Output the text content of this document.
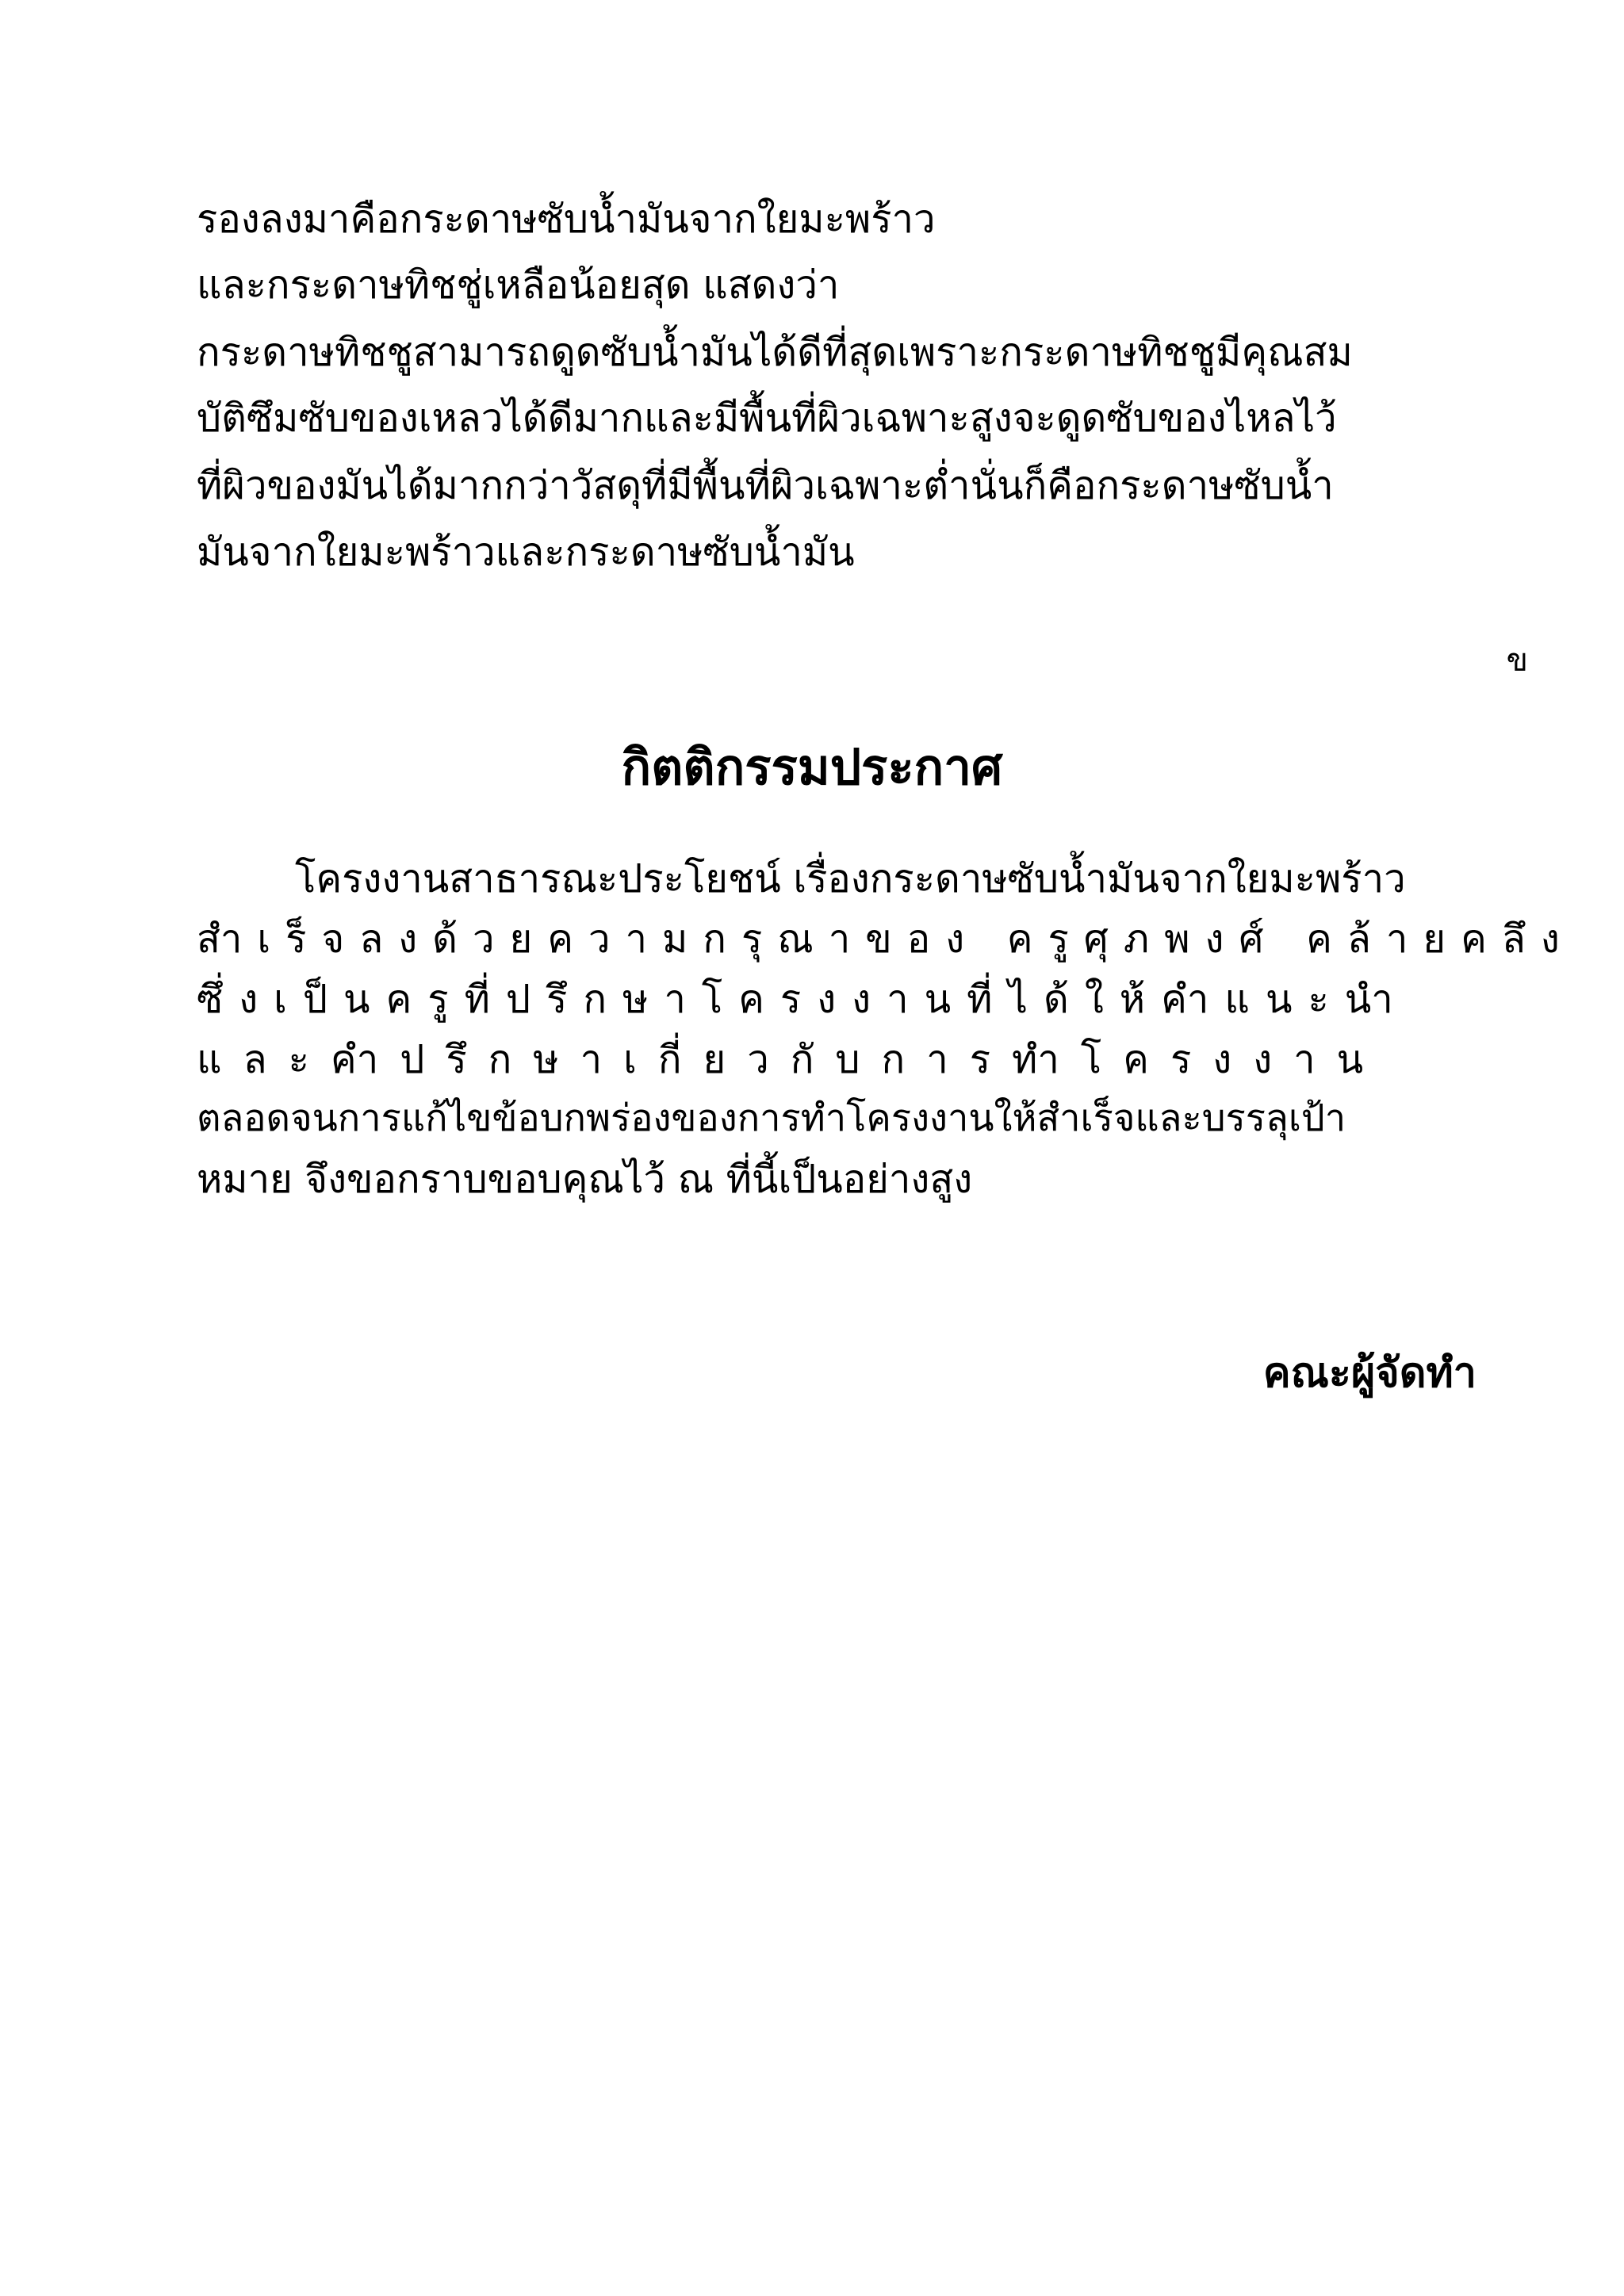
รองลงมาคือกระดาษซับน้ำมันจากใยมะพร้าว

และกระดาษทิชชู่เหลือน้อยสุด แสดงว่า

กระดาษทิชชูสามารถดูดซับน้ำมันได้ดีที่สุดเพราะกระดาษทิชชูมีคุณสม

บัติซึมซับของเหลวได้ดีมากและมีพื้นที่ผิวเฉพาะสูงจะดูดซับของไหลไว้

ที่ผิวของมันได้มากกว่าวัสดุที่มีพื้นที่ผิวเฉพาะต่ำนั่นก็คือกระดาษซับน้ำ

มันจากใยมะพร้าวและกระดาษซับน้ำมัน

ข
กิตติกรรมประกาศ

โครงงานสาธารณะประโยชน์ เรื่องกระดาษซับน้ำมันจากใยมะพร้าว

สำเร็จลงด้วยความกรุณาของ ครูศุภพงศ์ คล้ายคลึง
ซึ่งเป็นครูที่ปรึกษาโครงงานที่ได้ให้คำแนะนำ
และคำปรึกษาเกี่ยวกับการทำโครงงาน

ตลอดจนการแก้ไขข้อบกพร่องของการทำโครงงานให้สำเร็จและบรรลุเป้า

หมาย จึงขอกราบขอบคุณไว้ ณ ที่นี้เป็นอย่างสูง

คณะผู้จัดทำ
